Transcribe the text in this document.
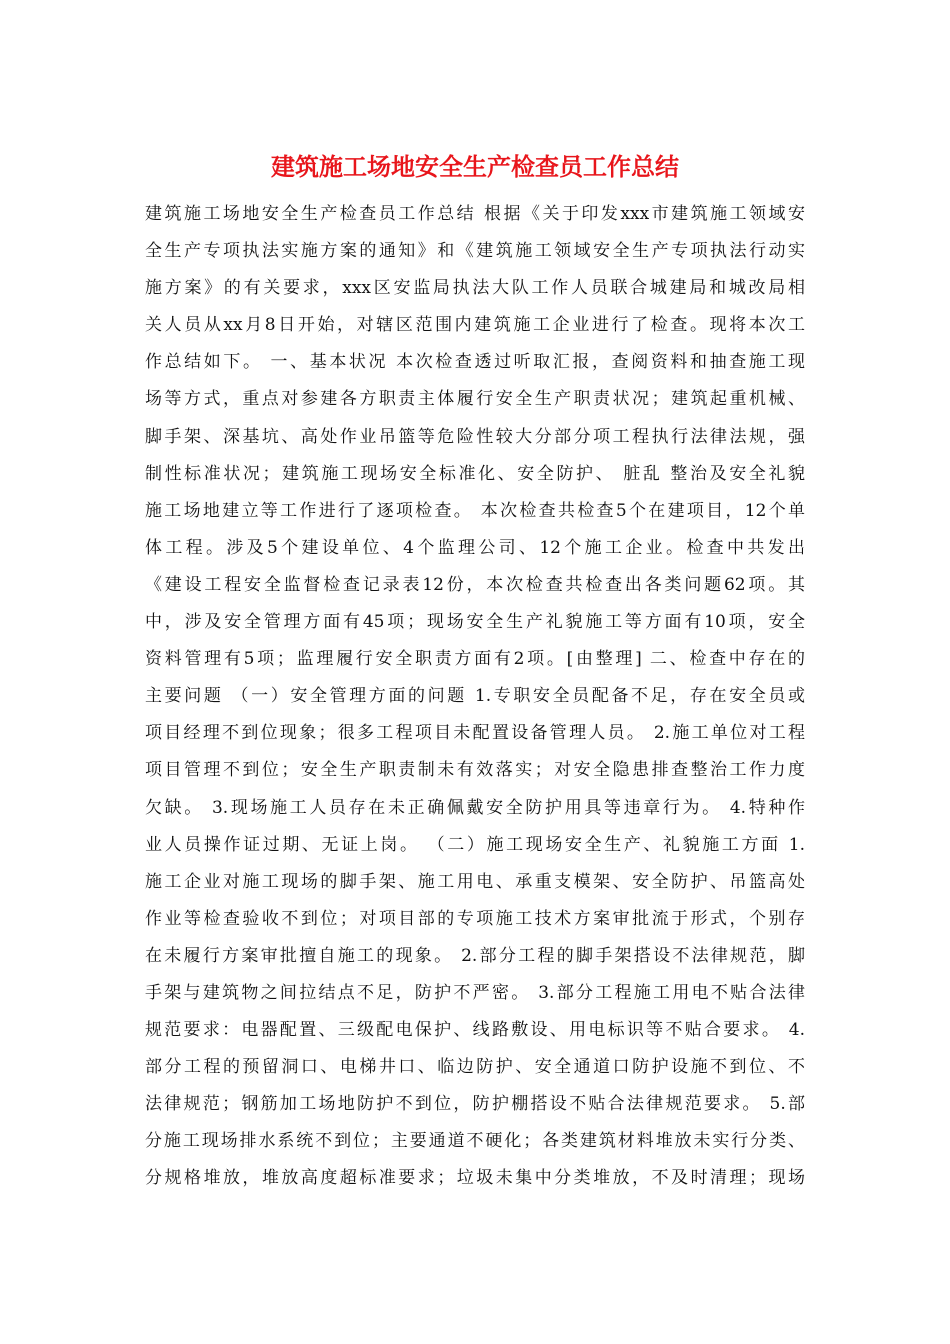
建筑施工场地安全生产检查员工作总结
建筑施工场地安全生产检查员工作总结 根据《关于印发xxx市建筑施工领域安
全生产专项执法实施方案的通知》和《建筑施工领域安全生产专项执法行动实
施方案》的有关要求，xxx区安监局执法大队工作人员联合城建局和城改局相
关人员从xx月8日开始，对辖区范围内建筑施工企业进行了检查。现将本次工
作总结如下。 一、基本状况 本次检查透过听取汇报，查阅资料和抽查施工现
场等方式，重点对参建各方职责主体履行安全生产职责状况；建筑起重机械、
脚手架、深基坑、高处作业吊篮等危险性较大分部分项工程执行法律法规，强
制性标准状况；建筑施工现场安全标准化、安全防护、 脏乱 整治及安全礼貌
施工场地建立等工作进行了逐项检查。 本次检查共检查5个在建项目，12个单
体工程。涉及5个建设单位、4个监理公司、12个施工企业。检查中共发出
《建设工程安全监督检查记录表12份，本次检查共检查出各类问题62项。其
中，涉及安全管理方面有45项；现场安全生产礼貌施工等方面有10项，安全
资料管理有5项；监理履行安全职责方面有2项。[由整理] 二、检查中存在的
主要问题 （一）安全管理方面的问题 1.专职安全员配备不足，存在安全员或
项目经理不到位现象；很多工程项目未配置设备管理人员。 2.施工单位对工程
项目管理不到位；安全生产职责制未有效落实；对安全隐患排查整治工作力度
欠缺。 3.现场施工人员存在未正确佩戴安全防护用具等违章行为。 4.特种作
业人员操作证过期、无证上岗。 （二）施工现场安全生产、礼貌施工方面 1.
施工企业对施工现场的脚手架、施工用电、承重支模架、安全防护、吊篮高处
作业等检查验收不到位；对项目部的专项施工技术方案审批流于形式，个别存
在未履行方案审批擅自施工的现象。 2.部分工程的脚手架搭设不法律规范，脚
手架与建筑物之间拉结点不足，防护不严密。 3.部分工程施工用电不贴合法律
规范要求：电器配置、三级配电保护、线路敷设、用电标识等不贴合要求。 4.
部分工程的预留洞口、电梯井口、临边防护、安全通道口防护设施不到位、不
法律规范；钢筋加工场地防护不到位，防护棚搭设不贴合法律规范要求。 5.部
分施工现场排水系统不到位；主要通道不硬化；各类建筑材料堆放未实行分类、
分规格堆放，堆放高度超标准要求；垃圾未集中分类堆放，不及时清理；现场
